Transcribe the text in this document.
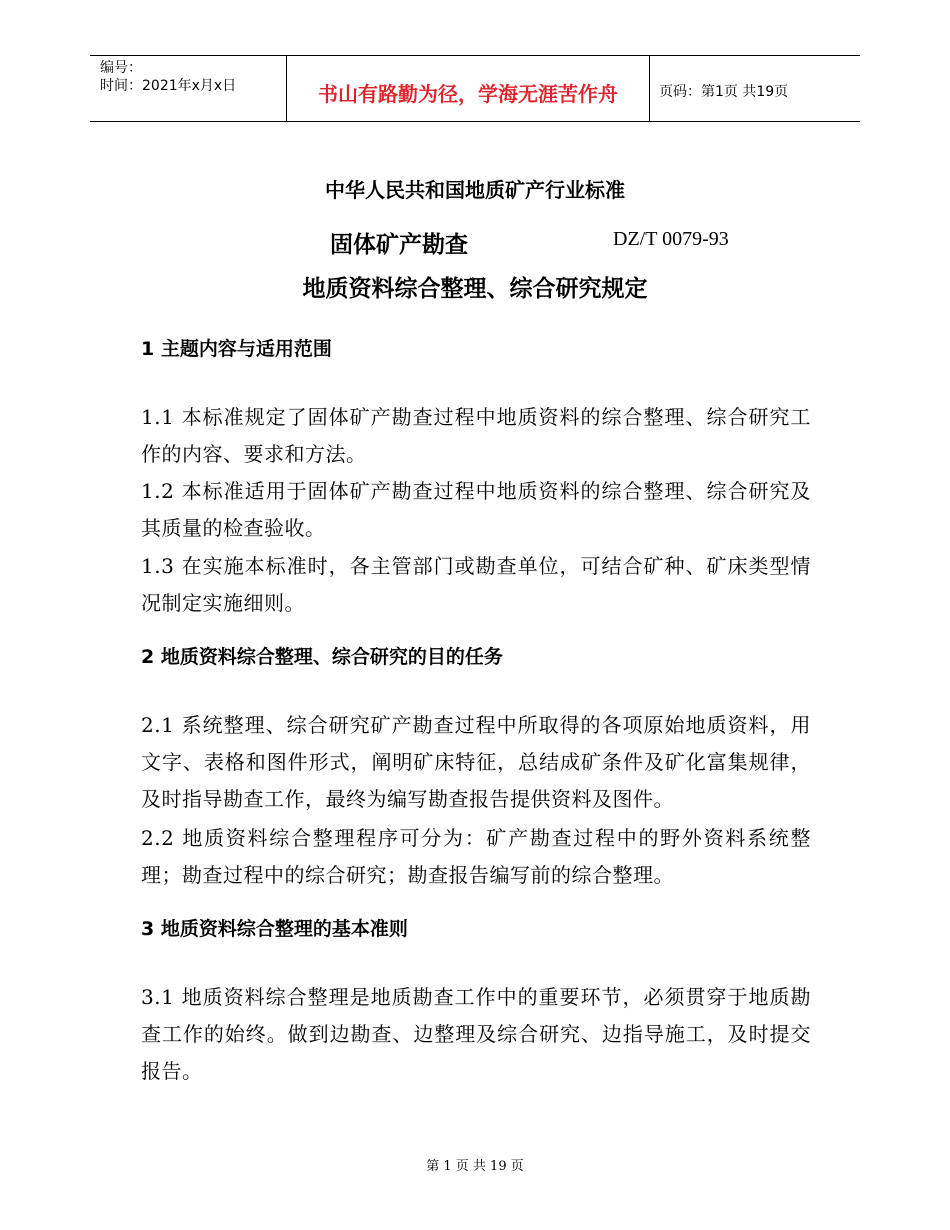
编号：
时间：2021年x月x日	书山有路勤为径，学海无涯苦作舟	页码：第1页 共19页
中华人民共和国地质矿产行业标准
固体矿产勘查	DZ/T 0079-93
地质资料综合整理、综合研究规定
1 主题内容与适用范围
1.1 本标准规定了固体矿产勘查过程中地质资料的综合整理、综合研究工作的内容、要求和方法。
1.2 本标准适用于固体矿产勘查过程中地质资料的综合整理、综合研究及其质量的检查验收。
1.3 在实施本标准时，各主管部门或勘查单位，可结合矿种、矿床类型情况制定实施细则。
2 地质资料综合整理、综合研究的目的任务
2.1 系统整理、综合研究矿产勘查过程中所取得的各项原始地质资料，用文字、表格和图件形式，阐明矿床特征，总结成矿条件及矿化富集规律，及时指导勘查工作，最终为编写勘查报告提供资料及图件。
2.2 地质资料综合整理程序可分为：矿产勘查过程中的野外资料系统整理；勘查过程中的综合研究；勘查报告编写前的综合整理。
3 地质资料综合整理的基本准则
3.1 地质资料综合整理是地质勘查工作中的重要环节，必须贯穿于地质勘查工作的始终。做到边勘查、边整理及综合研究、边指导施工，及时提交报告。
第 1 页 共 19 页
